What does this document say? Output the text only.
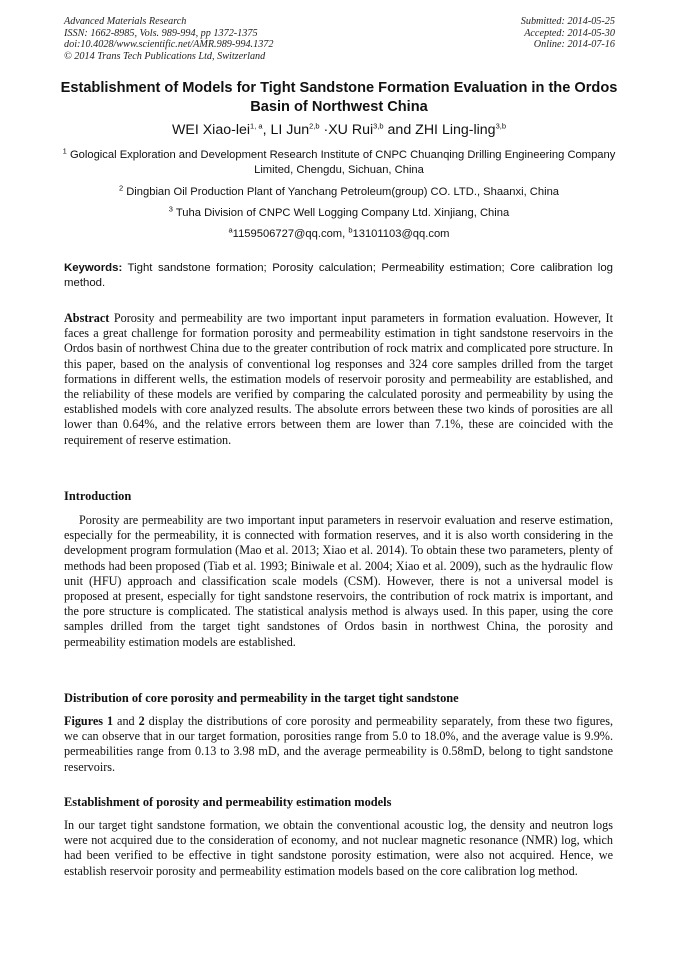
Advanced Materials Research
ISSN: 1662-8985, Vols. 989-994, pp 1372-1375
doi:10.4028/www.scientific.net/AMR.989-994.1372
© 2014 Trans Tech Publications Ltd, Switzerland
Submitted: 2014-05-25
Accepted: 2014-05-30
Online: 2014-07-16
Establishment of Models for Tight Sandstone Formation Evaluation in the Ordos Basin of Northwest China
WEI Xiao-lei$^{1, a}$, LI Jun$^{2,b}$ ·XU Rui$^{3,b}$ and ZHI Ling-ling$^{3,b}$
$^1$ Gological Exploration and Development Research Institute of CNPC Chuanqing Drilling Engineering Company Limited, Chengdu, Sichuan, China
$^2$ Dingbian Oil Production Plant of Yanchang Petroleum(group) CO. LTD., Shaanxi, China
$^3$ Tuha Division of CNPC Well Logging Company Ltd. Xinjiang, China
$^a$1159506727@qq.com, $^b$13101103@qq.com
Keywords: Tight sandstone formation; Porosity calculation; Permeability estimation; Core calibration log method.
Abstract Porosity and permeability are two important input parameters in formation evaluation. However, It faces a great challenge for formation porosity and permeability estimation in tight sandstone reservoirs in the Ordos basin of northwest China due to the greater contribution of rock matrix and complicated pore structure. In this paper, based on the analysis of conventional log responses and 324 core samples drilled from the target formations in different wells, the estimation models of reservoir porosity and permeability are established, and the reliability of these models are verified by comparing the calculated porosity and permeability by using the established models with core analyzed results. The absolute errors between these two kinds of porosities are all lower than 0.64%, and the relative errors between them are lower than 7.1%, these are coincided with the requirement of reserve estimation.
Introduction
Porosity are permeability are two important input parameters in reservoir evaluation and reserve estimation, especially for the permeability, it is connected with formation reserves, and it is also worth considering in the development program formulation (Mao et al. 2013; Xiao et al. 2014). To obtain these two parameters, plenty of methods had been proposed (Tiab et al. 1993; Biniwale et al. 2004; Xiao et al. 2009), such as the hydraulic flow unit (HFU) approach and classification scale models (CSM). However, there is not a universal model is proposed at present, especially for tight sandstone reservoirs, the contribution of rock matrix is important, and the pore structure is complicated. The statistical analysis method is always used. In this paper, using the core samples drilled from the target tight sandstones of Ordos basin in northwest China, the porosity and permeability estimation models are established.
Distribution of core porosity and permeability in the target tight sandstone
Figures 1 and 2 display the distributions of core porosity and permeability separately, from these two figures, we can observe that in our target formation, porosities range from 5.0 to 18.0%, and the average value is 9.9%. permeabilities range from 0.13 to 3.98 mD, and the average permeability is 0.58mD, belong to tight sandstone reservoirs.
Establishment of porosity and permeability estimation models
In our target tight sandstone formation, we obtain the conventional acoustic log, the density and neutron logs were not acquired due to the consideration of economy, and not nuclear magnetic resonance (NMR) log, which had been verified to be effective in tight sandstone porosity estimation, were also not acquired. Hence, we establish reservoir porosity and permeability estimation models based on the core calibration log method.
